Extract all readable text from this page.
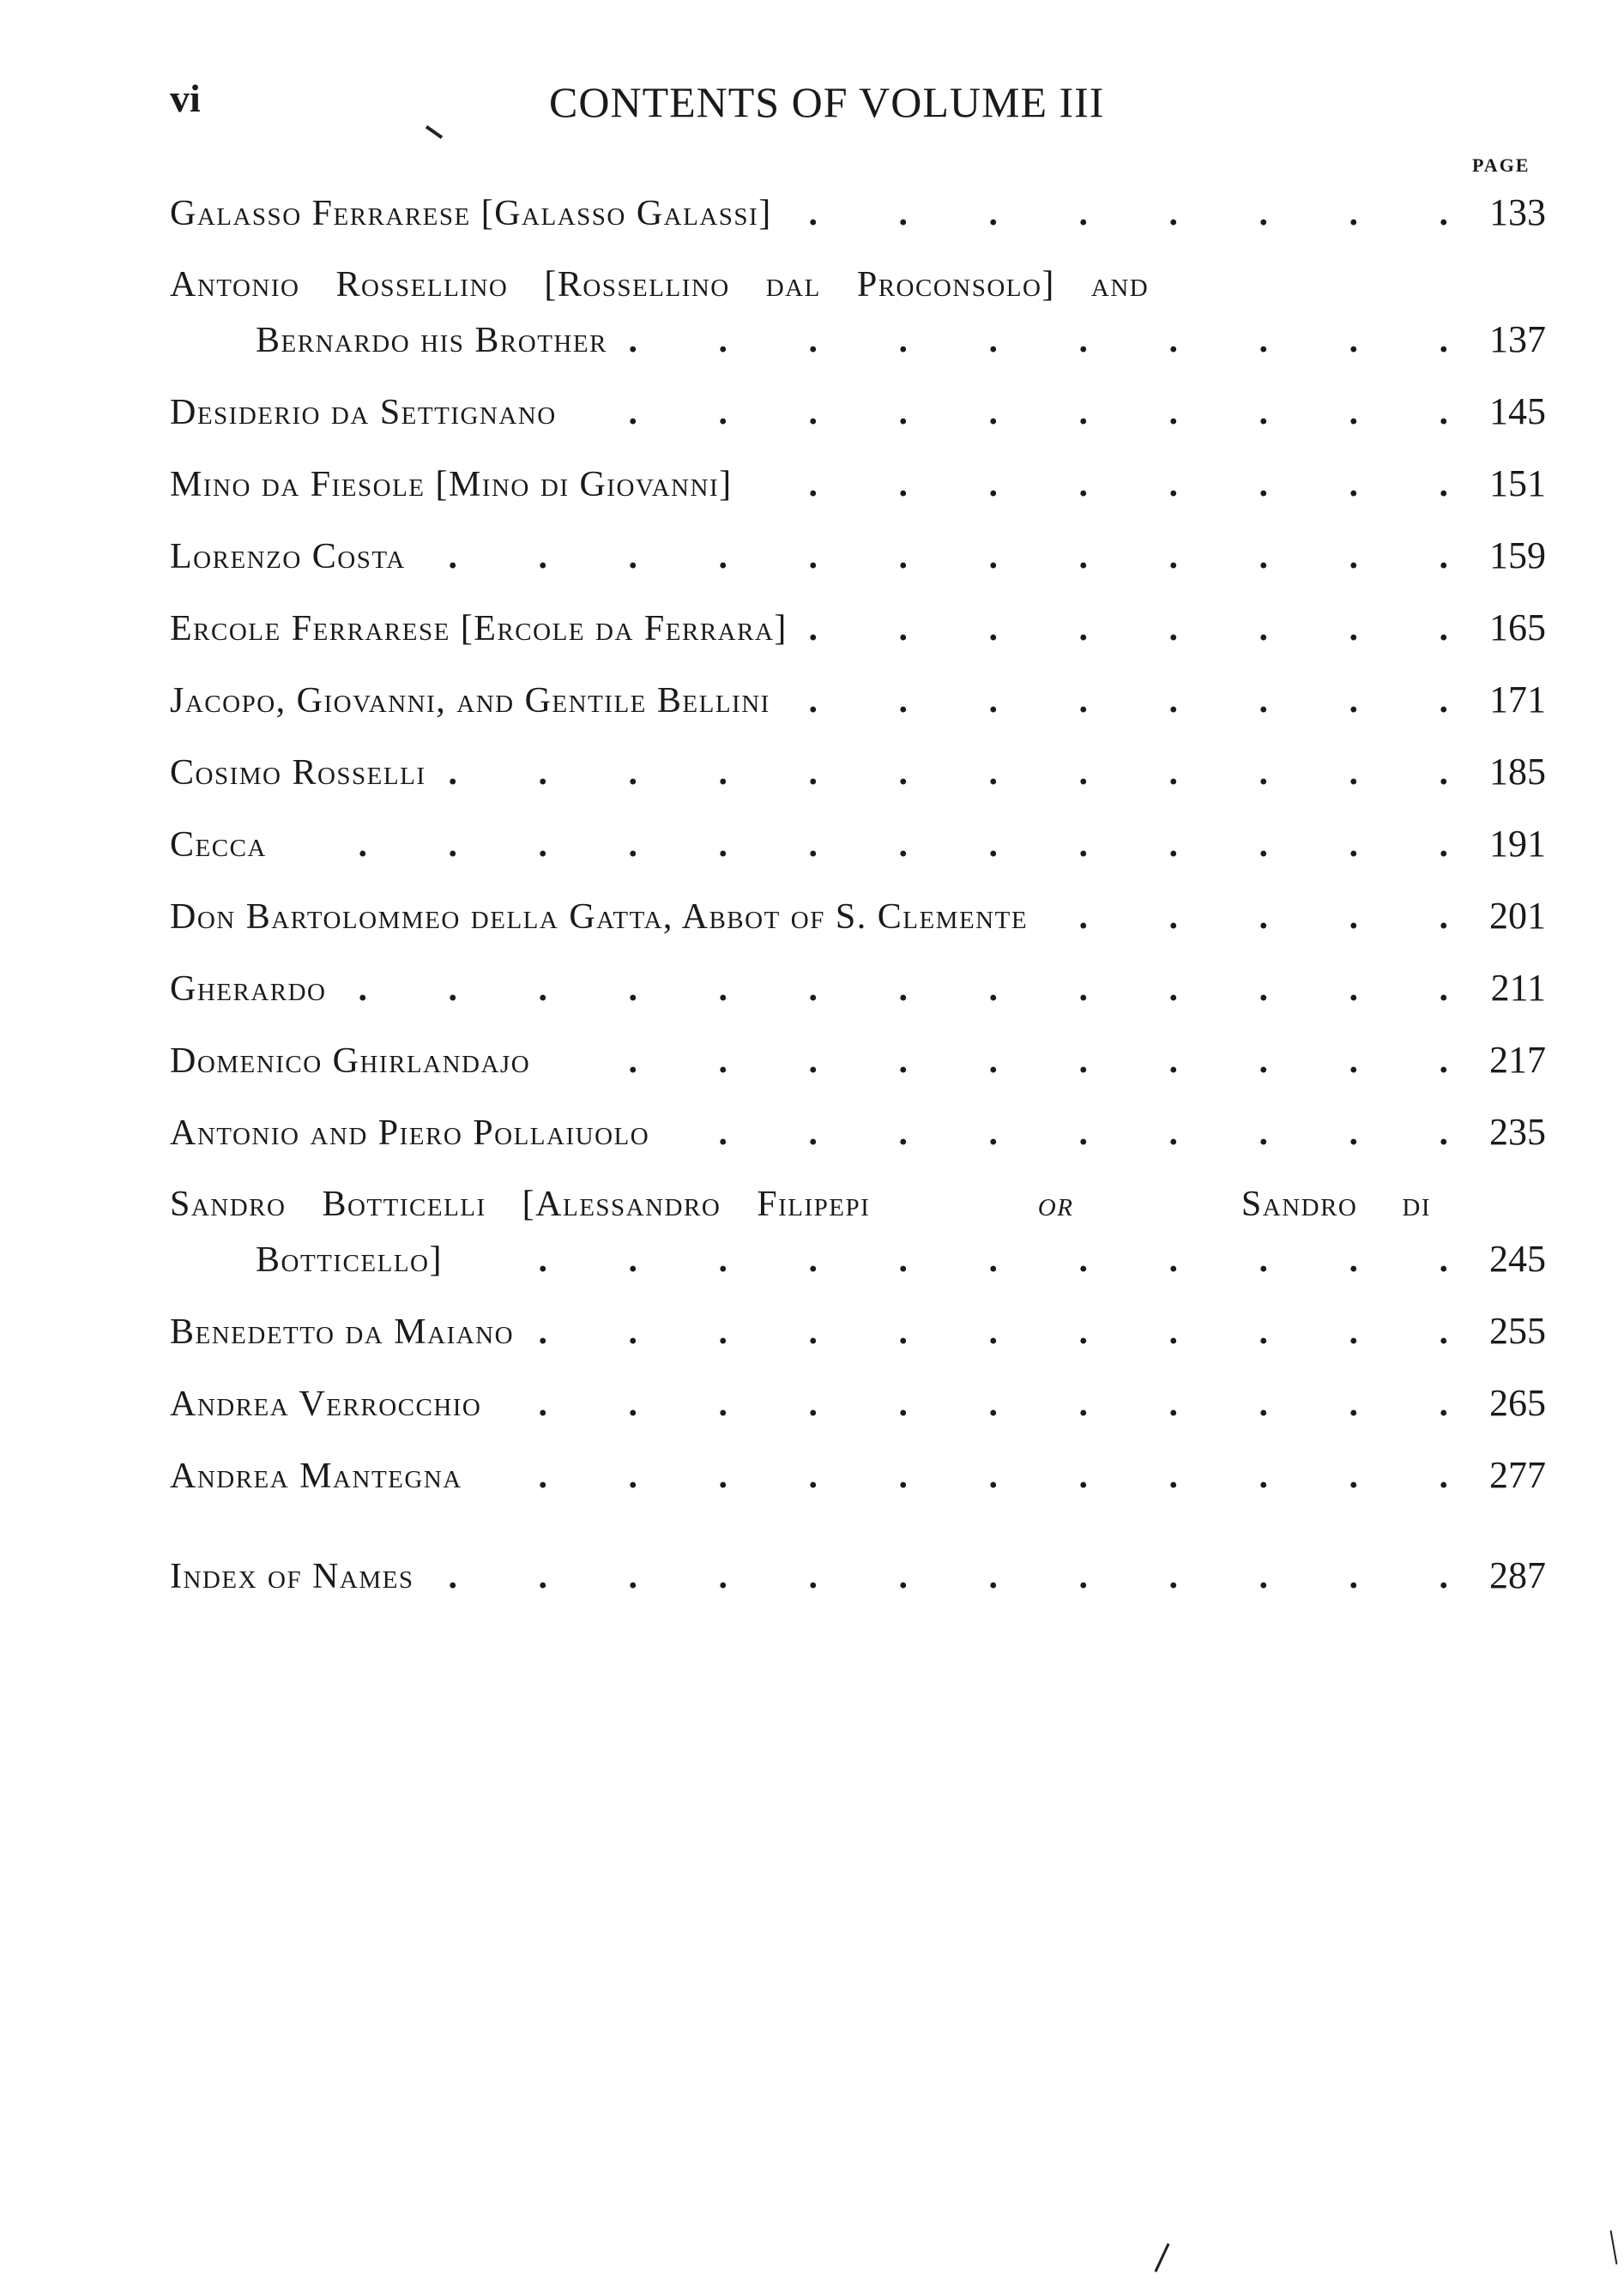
vi	CONTENTS OF VOLUME III
PAGE
Galasso Ferrarese [Galasso Galassi] .	133
Antonio Rossellino [Rossellino dal Proconsolo] and
Bernardo his Brother .	137
Desiderio da Settignano .	145
Mino da Fiesole [Mino di Giovanni] .	151
Lorenzo Costa .	159
Ercole Ferrarese [Ercole da Ferrara] .	165
Jacopo, Giovanni, and Gentile Bellini .	171
Cosimo Rosselli .	185
Cecca .	191
Don Bartolommeo della Gatta, Abbot of S. Clemente .	201
Gherardo .	211
Domenico Ghirlandajo .	217
Antonio and Piero Pollaiuolo .	235
Sandro Botticelli [Alessandro Filipepi	or	Sandro di
Botticello] .	245
Benedetto da Maiano .	255
Andrea Verrocchio .	265
Andrea Mantegna .	277
Index of Names .	287
